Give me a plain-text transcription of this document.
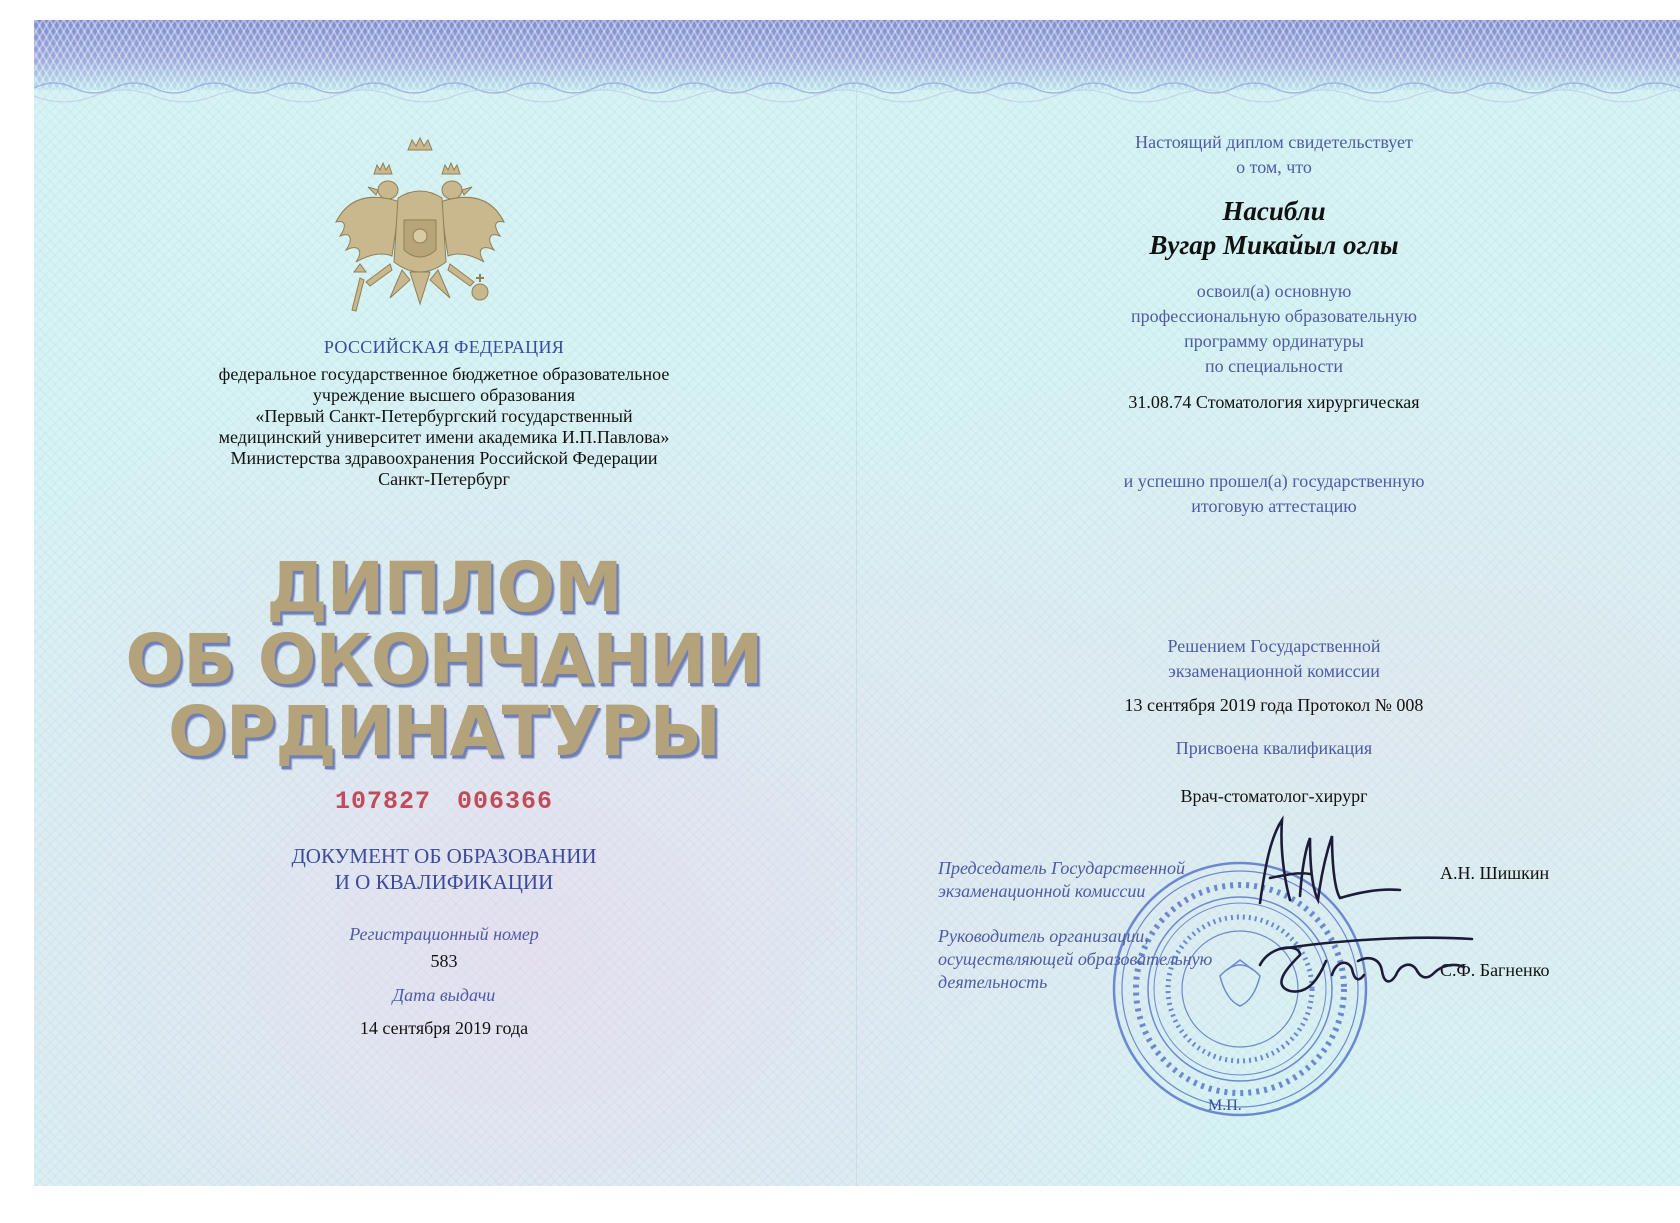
РОССИЙСКАЯ ФЕДЕРАЦИЯ
федеральное государственное бюджетное образовательное
учреждение высшего образования
«Первый Санкт-Петербургский государственный
медицинский университет имени академика И.П.Павлова»
Министерства здравоохранения Российской Федерации
Санкт-Петербург
ДИПЛОМ
ОБ ОКОНЧАНИИ
ОРДИНАТУРЫ
107827 006366
ДОКУМЕНТ ОБ ОБРАЗОВАНИИ
И О КВАЛИФИКАЦИИ
Регистрационный номер
583
Дата выдачи
14 сентября 2019 года
Настоящий диплом свидетельствует
о том, что
Насибли
Вугар Микайыл оглы
освоил(а) основную
профессиональную образовательную
программу ординатуры
по специальности
31.08.74 Стоматология хирургическая
и успешно прошел(а) государственную
итоговую аттестацию
Решением Государственной
экзаменационной комиссии
13 сентября 2019 года Протокол № 008
Присвоена квалификация
Врач-стоматолог-хирург
Председатель Государственной
экзаменационной комиссии
А.Н. Шишкин
Руководитель организации,
осуществляющей образовательную
деятельность
С.Ф. Багненко
М.П.
